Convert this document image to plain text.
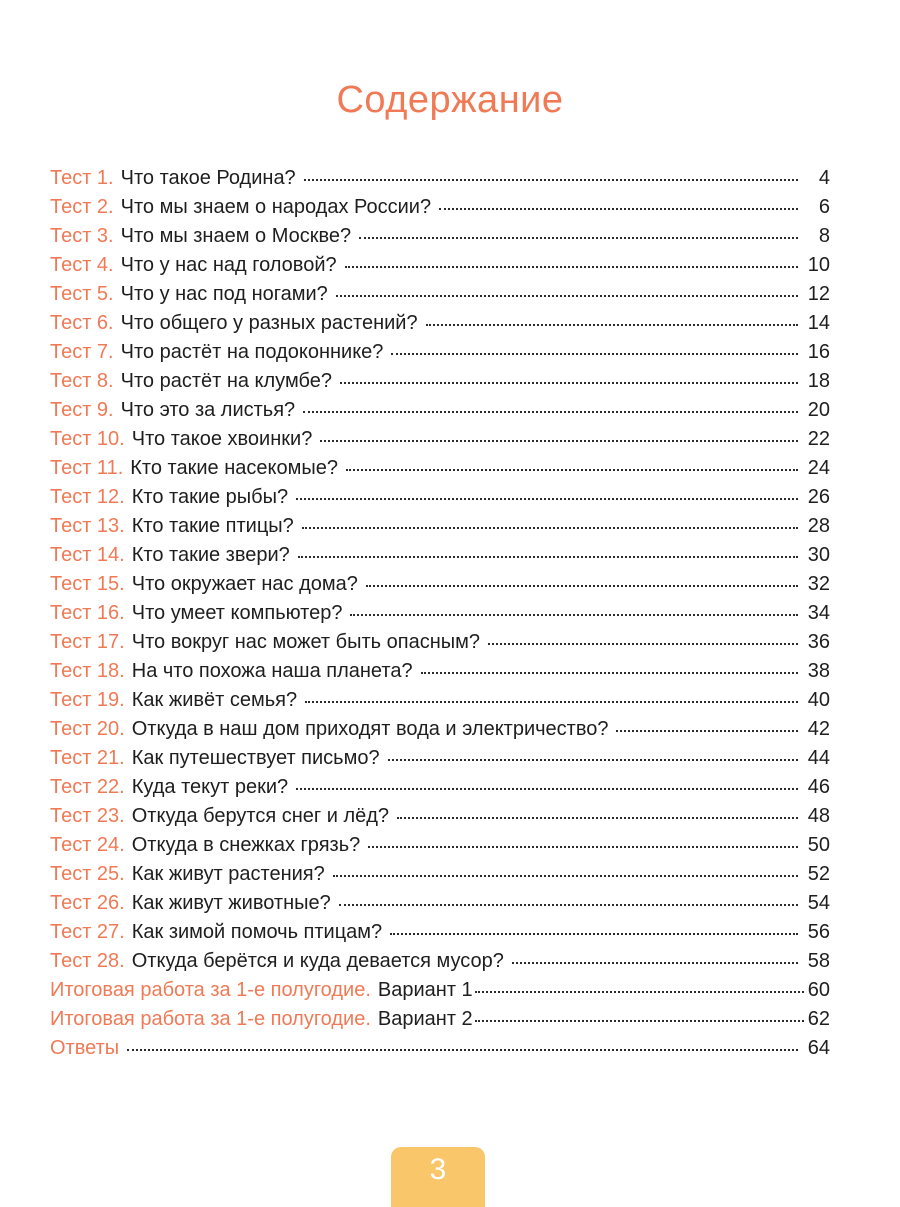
Содержание
Тест 1. Что такое Родина?	4
Тест 2. Что мы знаем о народах России?	6
Тест 3. Что мы знаем о Москве?	8
Тест 4. Что у нас над головой?	10
Тест 5. Что у нас под ногами?	12
Тест 6. Что общего у разных растений?	14
Тест 7. Что растёт на подоконнике?	16
Тест 8. Что растёт на клумбе?	18
Тест 9. Что это за листья?	20
Тест 10. Что такое хвоинки?	22
Тест 11. Кто такие насекомые?	24
Тест 12. Кто такие рыбы?	26
Тест 13. Кто такие птицы?	28
Тест 14. Кто такие звери?	30
Тест 15. Что окружает нас дома?	32
Тест 16. Что умеет компьютер?	34
Тест 17. Что вокруг нас может быть опасным?	36
Тест 18. На что похожа наша планета?	38
Тест 19. Как живёт семья?	40
Тест 20. Откуда в наш дом приходят вода и электричество?	42
Тест 21. Как путешествует письмо?	44
Тест 22. Куда текут реки?	46
Тест 23. Откуда берутся снег и лёд?	48
Тест 24. Откуда в снежках грязь?	50
Тест 25. Как живут растения?	52
Тест 26. Как живут животные?	54
Тест 27. Как зимой помочь птицам?	56
Тест 28. Откуда берётся и куда девается мусор?	58
Итоговая работа за 1-е полугодие. Вариант 1	60
Итоговая работа за 1-е полугодие. Вариант 2	62
Ответы	64
3
